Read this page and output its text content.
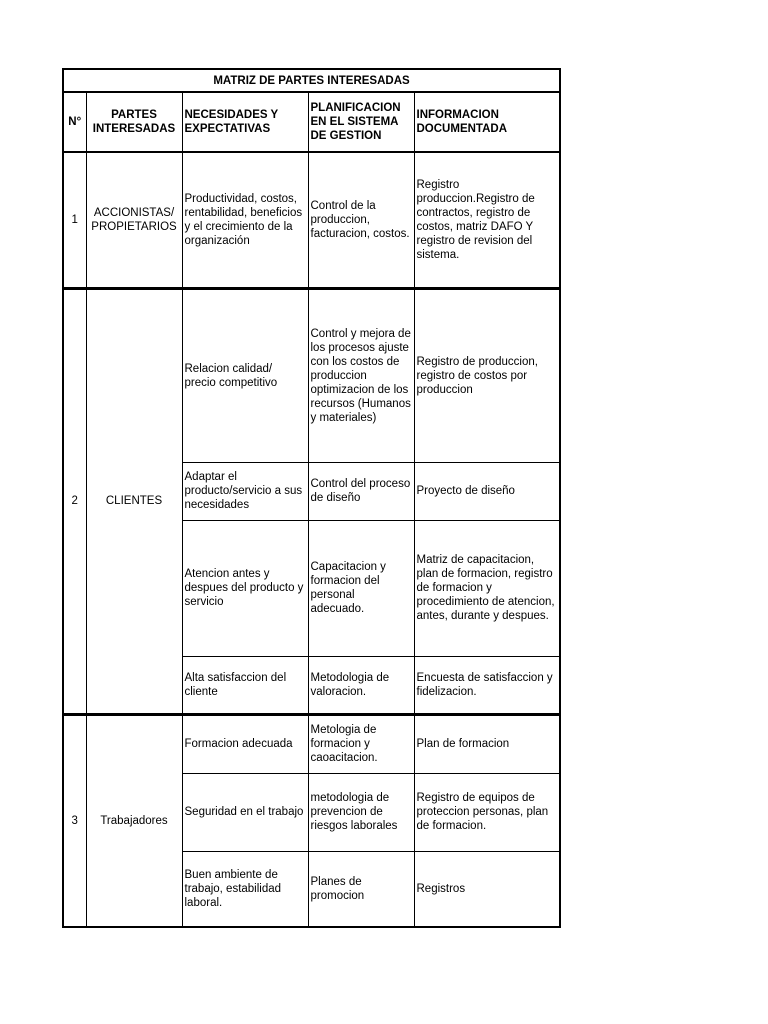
MATRIZ DE PARTES INTERESADAS				
N°	PARTES INTERESADAS	NECESIDADES Y EXPECTATIVAS	PLANIFICACION EN EL SISTEMA DE GESTION	INFORMACION DOCUMENTADA
1	ACCIONISTAS/ PROPIETARIOS	Productividad, costos, rentabilidad, beneficios y el crecimiento de la organización	Control de la produccion, facturacion, costos.	Registro produccion.Registro de contractos, registro de costos, matriz DAFO Y registro de revision del sistema.
2	CLIENTES	Relacion calidad/ precio competitivo	Control y mejora de los procesos ajuste con los costos de produccion optimizacion de los recursos (Humanos y materiales)	Registro de produccion, registro de costos por produccion
		Adaptar el producto/servicio a sus necesidades	Control del proceso de diseño	Proyecto de diseño
		Atencion antes y despues del producto y servicio	Capacitacion y formacion del personal adecuado.	Matriz de capacitacion, plan de formacion, registro de formacion y procedimiento de atencion, antes, durante y despues.
		Alta satisfaccion del cliente	Metodologia de valoracion.	Encuesta de satisfaccion y fidelizacion.
3	Trabajadores	Formacion adecuada	Metologia de formacion y caoacitacion.	Plan de formacion
		Seguridad en el trabajo	metodologia de prevencion de riesgos laborales	Registro de equipos de proteccion personas, plan de formacion.
		Buen ambiente de trabajo, estabilidad laboral.	Planes de promocion	Registros
